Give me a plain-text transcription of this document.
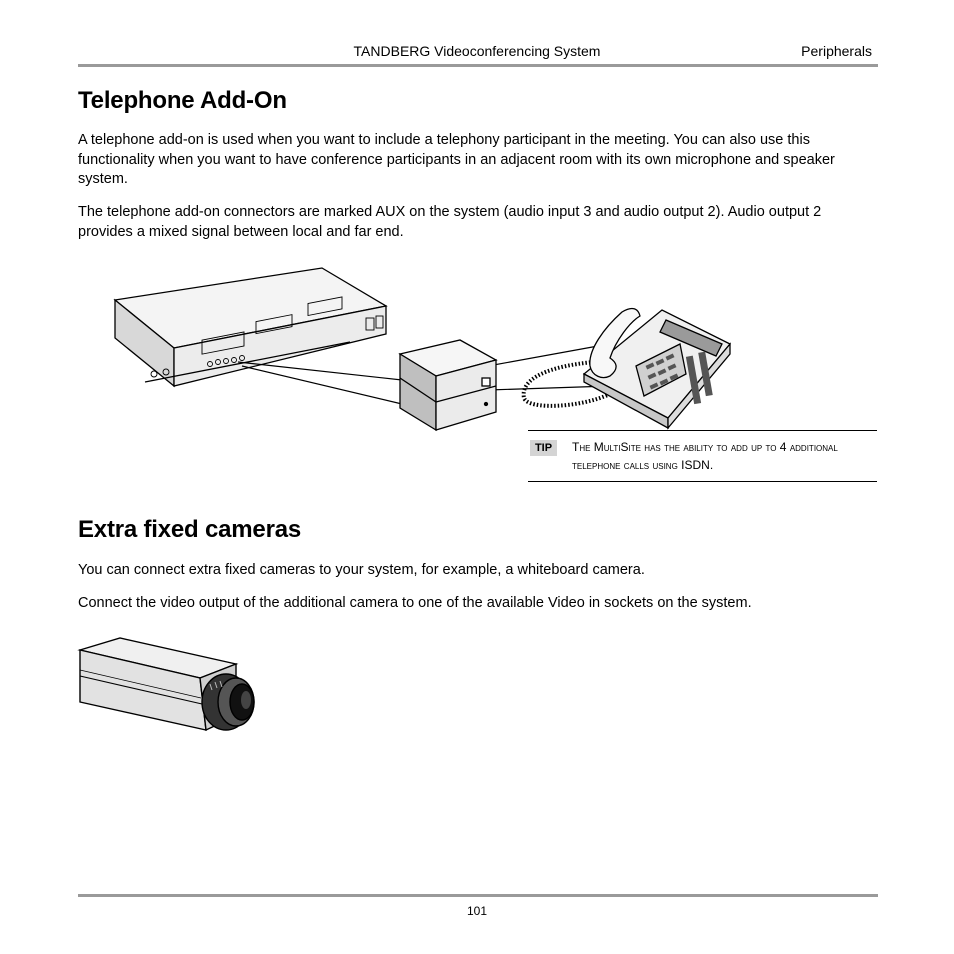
TANDBERG Videoconferencing System	Peripherals
Telephone Add-On

A telephone add-on is used when you want to include a telephony participant in the meeting. You can also use this functionality when you want to have conference participants in an adjacent room with its own microphone and speaker system.

The telephone add-on connectors are marked AUX on the system (audio input 3 and audio output 2). Audio output 2 provides a mixed signal between local and far end.

TIP	The MultiSite has the ability to add up to 4 additional telephone calls using ISDN.
Extra fixed cameras

You can connect extra fixed cameras to your system, for example, a whiteboard camera.

Connect the video output of the additional camera to one of the available Video in sockets on the system.

101
